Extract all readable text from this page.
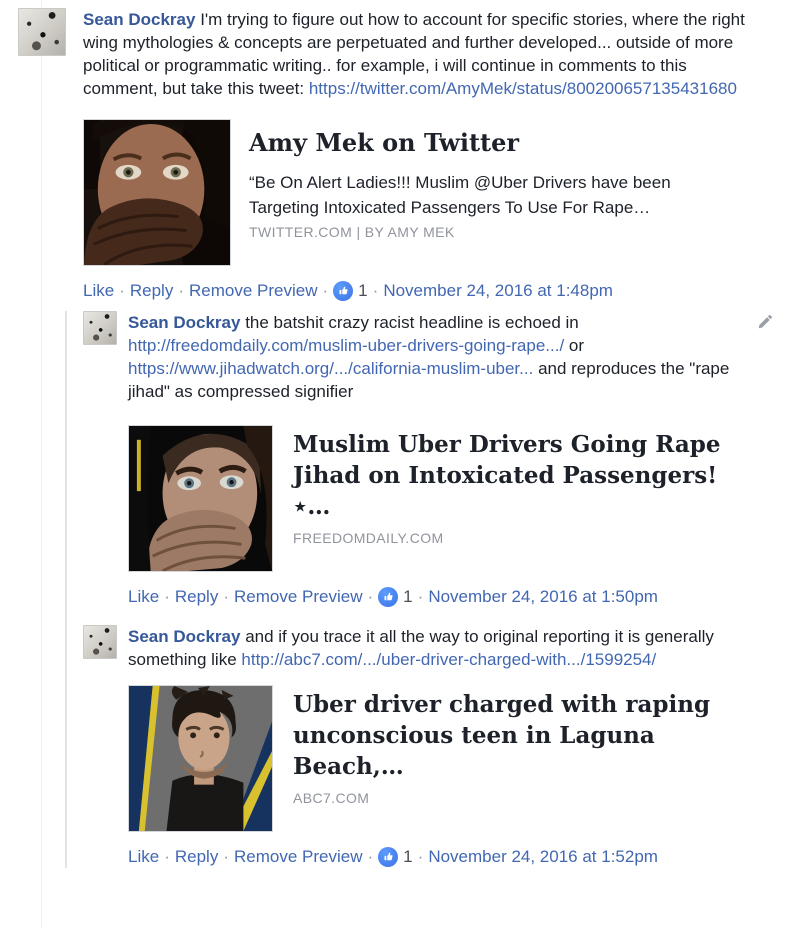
Sean Dockray I'm trying to figure out how to account for specific stories, where the right wing mythologies & concepts are perpetuated and further developed... outside of more political or programmatic writing.. for example, i will continue in comments to this comment, but take this tweet: https://twitter.com/AmyMek/status/800200657135431680
Amy Mek on Twitter
“Be On Alert Ladies!!! Muslim @Uber Drivers have been Targeting Intoxicated Passengers To Use For Rape…
TWITTER.COM | BY AMY MEK
Like · Reply · Remove Preview · 1 · November 24, 2016 at 1:48pm
Sean Dockray the batshit crazy racist headline is echoed in http://freedomdaily.com/muslim-uber-drivers-going-rape.../ or https://www.jihadwatch.org/.../california-muslim-uber... and reproduces the "rape jihad" as compressed signifier
Muslim Uber Drivers Going Rape Jihad on Intoxicated Passengers! ⋆…
FREEDOMDAILY.COM
Like · Reply · Remove Preview · 1 · November 24, 2016 at 1:50pm
Sean Dockray and if you trace it all the way to original reporting it is generally something like http://abc7.com/.../uber-driver-charged-with.../1599254/
Uber driver charged with raping unconscious teen in Laguna Beach,…
ABC7.COM
Like · Reply · Remove Preview · 1 · November 24, 2016 at 1:52pm
